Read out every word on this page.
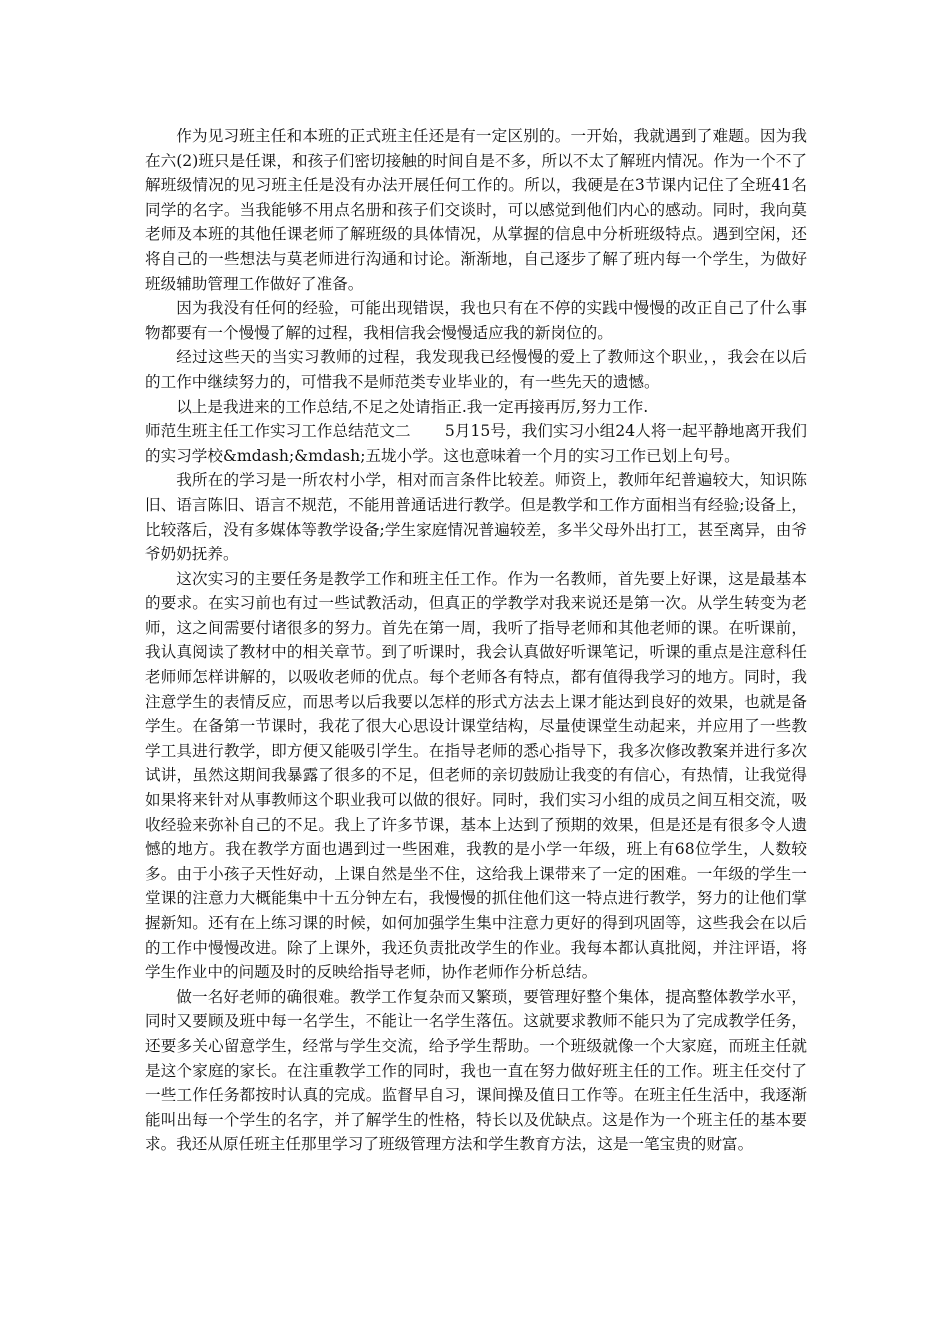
作为见习班主任和本班的正式班主任还是有一定区别的。一开始，我就遇到了难题。因为我在六(2)班只是任课，和孩子们密切接触的时间自是不多，所以不太了解班内情况。作为一个不了解班级情况的见习班主任是没有办法开展任何工作的。所以，我硬是在3节课内记住了全班41名同学的名字。当我能够不用点名册和孩子们交谈时，可以感觉到他们内心的感动。同时，我向莫老师及本班的其他任课老师了解班级的具体情况，从掌握的信息中分析班级特点。遇到空闲，还将自己的一些想法与莫老师进行沟通和讨论。渐渐地，自己逐步了解了班内每一个学生，为做好班级辅助管理工作做好了准备。

因为我没有任何的经验，可能出现错误，我也只有在不停的实践中慢慢的改正自己了什么事物都要有一个慢慢了解的过程，我相信我会慢慢适应我的新岗位的。

经过这些天的当实习教师的过程，我发现我已经慢慢的爱上了教师这个职业，，我会在以后的工作中继续努力的，可惜我不是师范类专业毕业的，有一些先天的遗憾。

以上是我进来的工作总结,不足之处请指正.我一定再接再厉,努力工作.

师范生班主任工作实习工作总结范文二 5月15号，我们实习小组24人将一起平静地离开我们的实习学校&mdash;&mdash;五垅小学。这也意味着一个月的实习工作已划上句号。

我所在的学习是一所农村小学，相对而言条件比较差。师资上，教师年纪普遍较大，知识陈旧、语言陈旧、语言不规范，不能用普通话进行教学。但是教学和工作方面相当有经验;设备上，比较落后，没有多媒体等教学设备;学生家庭情况普遍较差，多半父母外出打工，甚至离异，由爷爷奶奶抚养。

这次实习的主要任务是教学工作和班主任工作。作为一名教师，首先要上好课，这是最基本的要求。在实习前也有过一些试教活动，但真正的学教学对我来说还是第一次。从学生转变为老师，这之间需要付诸很多的努力。首先在第一周，我听了指导老师和其他老师的课。在听课前，我认真阅读了教材中的相关章节。到了听课时，我会认真做好听课笔记，听课的重点是注意科任老师师怎样讲解的，以吸收老师的优点。每个老师各有特点，都有值得我学习的地方。同时，我注意学生的表情反应，而思考以后我要以怎样的形式方法去上课才能达到良好的效果，也就是备学生。在备第一节课时，我花了很大心思设计课堂结构，尽量使课堂生动起来，并应用了一些教学工具进行教学，即方便又能吸引学生。在指导老师的悉心指导下，我多次修改教案并进行多次试讲，虽然这期间我暴露了很多的不足，但老师的亲切鼓励让我变的有信心，有热情，让我觉得如果将来针对从事教师这个职业我可以做的很好。同时，我们实习小组的成员之间互相交流，吸收经验来弥补自己的不足。我上了许多节课，基本上达到了预期的效果，但是还是有很多令人遗憾的地方。我在教学方面也遇到过一些困难，我教的是小学一年级，班上有68位学生，人数较多。由于小孩子天性好动，上课自然是坐不住，这给我上课带来了一定的困难。一年级的学生一堂课的注意力大概能集中十五分钟左右，我慢慢的抓住他们这一特点进行教学，努力的让他们掌握新知。还有在上练习课的时候，如何加强学生集中注意力更好的得到巩固等，这些我会在以后的工作中慢慢改进。除了上课外，我还负责批改学生的作业。我每本都认真批阅，并注评语，将学生作业中的问题及时的反映给指导老师，协作老师作分析总结。

做一名好老师的确很难。教学工作复杂而又繁琐，要管理好整个集体，提高整体教学水平，同时又要顾及班中每一名学生，不能让一名学生落伍。这就要求教师不能只为了完成教学任务，还要多关心留意学生，经常与学生交流，给予学生帮助。一个班级就像一个大家庭，而班主任就是这个家庭的家长。在注重教学工作的同时，我也一直在努力做好班主任的工作。班主任交付了一些工作任务都按时认真的完成。监督早自习，课间操及值日工作等。在班主任生活中，我逐渐能叫出每一个学生的名字，并了解学生的性格，特长以及优缺点。这是作为一个班主任的基本要求。我还从原任班主任那里学习了班级管理方法和学生教育方法，这是一笔宝贵的财富。
